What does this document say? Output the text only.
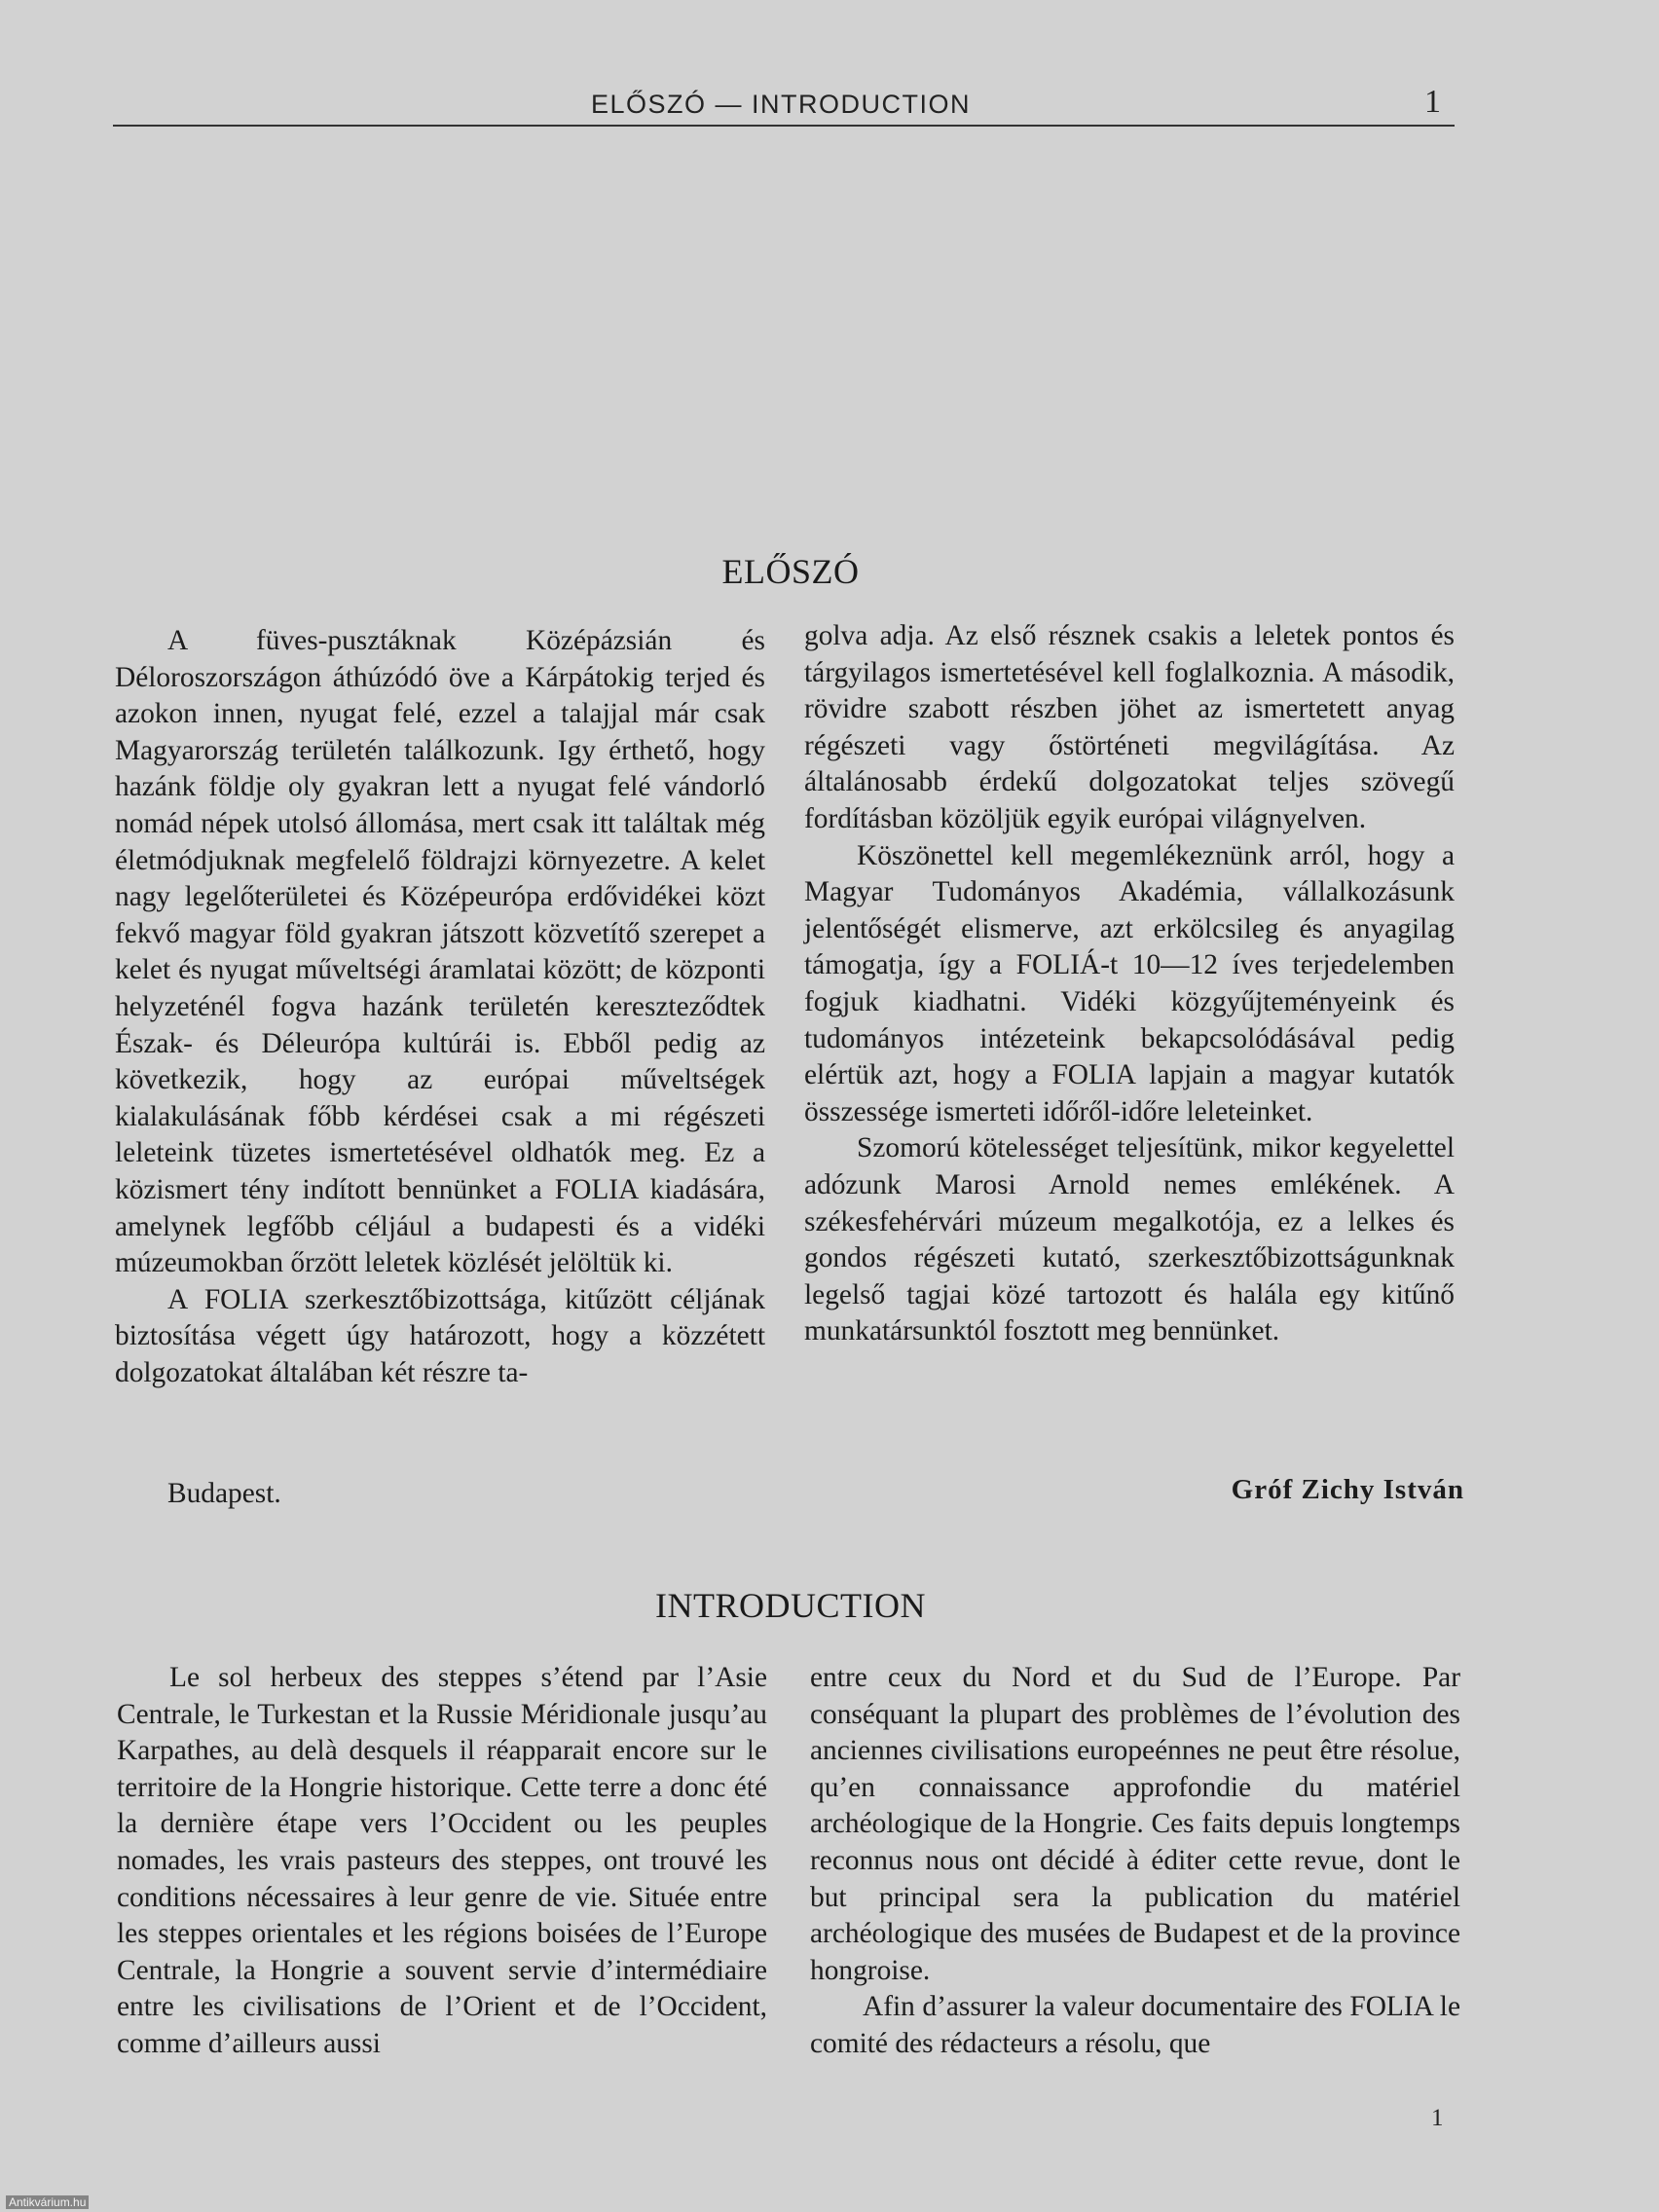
ELŐSZÓ — INTRODUCTION	1
ELŐSZÓ

A füves-pusztáknak Középázsián és Déloroszországon áthúzódó öve a Kárpátokig terjed és azokon innen, nyugat felé, ezzel a talajjal már csak Magyarország területén találkozunk. Igy érthető, hogy hazánk földje oly gyakran lett a nyugat felé vándorló nomád népek utolsó állomása, mert csak itt találtak még életmódjuknak megfelelő földrajzi környezetre. A kelet nagy legelőterületei és Középeurópa erdővidékei közt fekvő magyar föld gyakran játszott közvetítő szerepet a kelet és nyugat műveltségi áramlatai között; de központi helyzeténél fogva hazánk területén kereszteződtek Észak- és Déleurópa kultúrái is. Ebből pedig az következik, hogy az európai műveltségek kialakulásának főbb kérdései csak a mi régészeti leleteink tüzetes ismertetésével oldhatók meg. Ez a közismert tény indított bennünket a FOLIA kiadására, amelynek legfőbb céljául a budapesti és a vidéki múzeumokban őrzött leletek közlését jelöltük ki.

A FOLIA szerkesztőbizottsága, kitűzött céljának biztosítása végett úgy határozott, hogy a közzétett dolgozatokat általában két részre ta-

golva adja. Az első résznek csakis a leletek pontos és tárgyilagos ismertetésével kell foglalkoznia. A második, rövidre szabott részben jöhet az ismertetett anyag régészeti vagy őstörténeti megvilágítása. Az általánosabb érdekű dolgozatokat teljes szövegű fordításban közöljük egyik európai világnyelven.

Köszönettel kell megemlékeznünk arról, hogy a Magyar Tudományos Akadémia, vállalkozásunk jelentőségét elismerve, azt erkölcsileg és anyagilag támogatja, így a FOLIÁ-t 10—12 íves terjedelemben fogjuk kiadhatni. Vidéki közgyűjteményeink és tudományos intézeteink bekapcsolódásával pedig elértük azt, hogy a FOLIA lapjain a magyar kutatók összessége ismerteti időről-időre leleteinket.

Szomorú kötelességet teljesítünk, mikor kegyelettel adózunk Marosi Arnold nemes emlékének. A székesfehérvári múzeum megalkotója, ez a lelkes és gondos régészeti kutató, szerkesztőbizottságunknak legelső tagjai közé tartozott és halála egy kitűnő munkatársunktól fosztott meg bennünket.

Budapest.	Gróf Zichy István
INTRODUCTION

Le sol herbeux des steppes s’étend par l’Asie Centrale, le Turkestan et la Russie Méridionale jusqu’au Karpathes, au delà desquels il réapparait encore sur le territoire de la Hongrie historique. Cette terre a donc été la dernière étape vers l’Occident ou les peuples nomades, les vrais pasteurs des steppes, ont trouvé les conditions nécessaires à leur genre de vie. Située entre les steppes orientales et les régions boisées de l’Europe Centrale, la Hongrie a souvent servie d’intermédiaire entre les civilisations de l’Orient et de l’Occident, comme d’ailleurs aussi

entre ceux du Nord et du Sud de l’Europe. Par conséquant la plupart des problèmes de l’évolution des anciennes civilisations europeénnes ne peut être résolue, qu’en connaissance approfondie du matériel archéologique de la Hongrie. Ces faits depuis longtemps reconnus nous ont décidé à éditer cette revue, dont le but principal sera la publication du matériel archéologique des musées de Budapest et de la province hongroise.

Afin d’assurer la valeur documentaire des FOLIA le comité des rédacteurs a résolu, que

1
Antikvárium.hu
